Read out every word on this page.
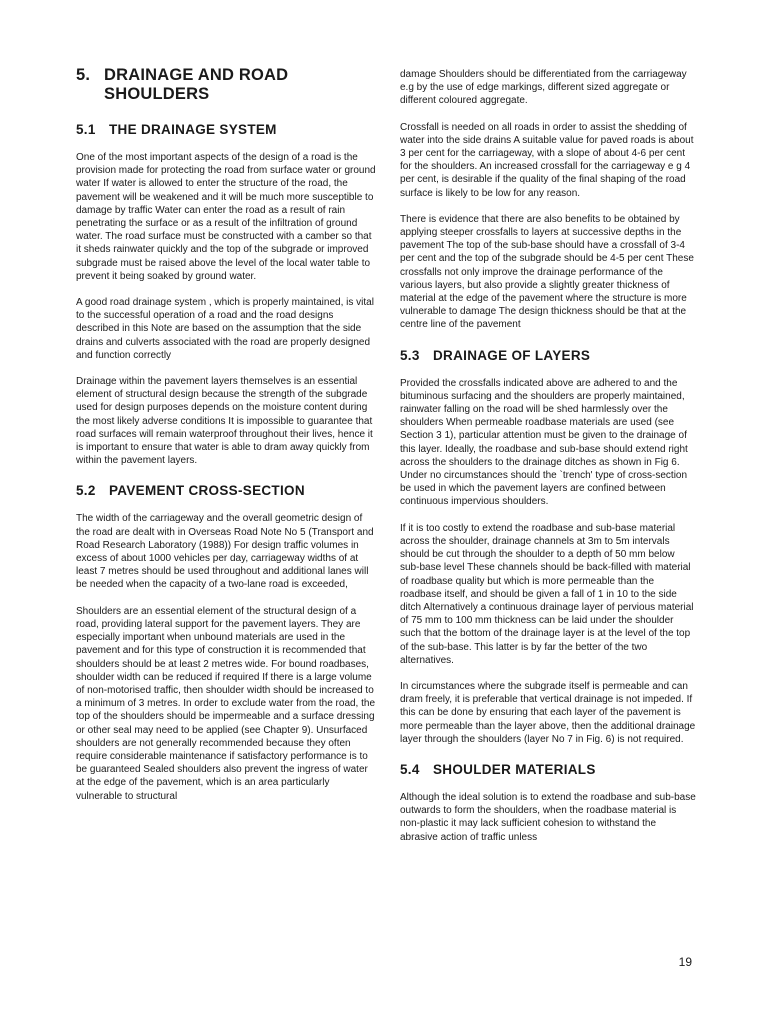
5. DRAINAGE AND ROAD SHOULDERS
5.1 THE DRAINAGE SYSTEM

One of the most important aspects of the design of a road is the provision made for protecting the road from surface water or ground water If water is allowed to enter the structure of the road, the pavement will be weakened and it will be much more susceptible to damage by traffic Water can enter the road as a result of rain penetrating the surface or as a result of the infiltration of ground water. The road surface must be constructed with a camber so that it sheds rainwater quickly and the top of the subgrade or improved subgrade must be raised above the level of the local water table to prevent it being soaked by ground water.

A good road drainage system , which is properly maintained, is vital to the successful operation of a road and the road designs described in this Note are based on the assumption that the side drains and culverts associated with the road are properly designed and function correctly

Drainage within the pavement layers themselves is an essential element of structural design because the strength of the subgrade used for design purposes depends on the moisture content during the most likely adverse conditions It is impossible to guarantee that road surfaces will remain waterproof throughout their lives, hence it is important to ensure that water is able to dram away quickly from within the pavement layers.

5.2 PAVEMENT CROSS-SECTION

The width of the carriageway and the overall geometric design of the road are dealt with in Overseas Road Note No 5 (Transport and Road Research Laboratory (1988)) For design traffic volumes in excess of about 1000 vehicles per day, carriageway widths of at least 7 metres should be used throughout and additional lanes will be needed when the capacity of a two-lane road is exceeded,

Shoulders are an essential element of the structural design of a road, providing lateral support for the pavement layers. They are especially important when unbound materials are used in the pavement and for this type of construction it is recommended that shoulders should be at least 2 metres wide. For bound roadbases, shoulder width can be reduced if required If there is a large volume of non-motorised traffic, then shoulder width should be increased to a minimum of 3 metres. In order to exclude water from the road, the top of the shoulders should be impermeable and a surface dressing or other seal may need to be applied (see Chapter 9). Unsurfaced shoulders are not generally recommended because they often require considerable maintenance if satisfactory performance is to be guaranteed Sealed shoulders also prevent the ingress of water at the edge of the pavement, which is an area particularly vulnerable to structural

damage Shoulders should be differentiated from the carriageway e.g by the use of edge markings, different sized aggregate or different coloured aggregate.

Crossfall is needed on all roads in order to assist the shedding of water into the side drains A suitable value for paved roads is about 3 per cent for the carriageway, with a slope of about 4-6 per cent for the shoulders. An increased crossfall for the carriageway e g 4 per cent, is desirable if the quality of the final shaping of the road surface is likely to be low for any reason.

There is evidence that there are also benefits to be obtained by applying steeper crossfalls to layers at successive depths in the pavement The top of the sub-base should have a crossfall of 3-4 per cent and the top of the subgrade should be 4-5 per cent These crossfalls not only improve the drainage performance of the various layers, but also provide a slightly greater thickness of material at the edge of the pavement where the structure is more vulnerable to damage The design thickness should be that at the centre line of the pavement

5.3 DRAINAGE OF LAYERS

Provided the crossfalls indicated above are adhered to and the bituminous surfacing and the shoulders are properly maintained, rainwater falling on the road will be shed harmlessly over the shoulders When permeable roadbase materials are used (see Section 3 1), particular attention must be given to the drainage of this layer. Ideally, the roadbase and sub-base should extend right across the shoulders to the drainage ditches as shown in Fig 6. Under no circumstances should the `trench' type of cross-section be used in which the pavement layers are confined between continuous impervious shoulders.

If it is too costly to extend the roadbase and sub-base material across the shoulder, drainage channels at 3m to 5m intervals should be cut through the shoulder to a depth of 50 mm below sub-base level These channels should be back-filled with material of roadbase quality but which is more permeable than the roadbase itself, and should be given a fall of 1 in 10 to the side ditch Alternatively a continuous drainage layer of pervious material of 75 mm to 100 mm thickness can be laid under the shoulder such that the bottom of the drainage layer is at the level of the top of the sub-base. This latter is by far the better of the two alternatives.

In circumstances where the subgrade itself is permeable and can dram freely, it is preferable that vertical drainage is not impeded. If this can be done by ensuring that each layer of the pavement is more permeable than the layer above, then the additional drainage layer through the shoulders (layer No 7 in Fig. 6) is not required.

5.4 SHOULDER MATERIALS

Although the ideal solution is to extend the roadbase and sub-base outwards to form the shoulders, when the roadbase material is non-plastic it may lack sufficient cohesion to withstand the abrasive action of traffic unless

19
